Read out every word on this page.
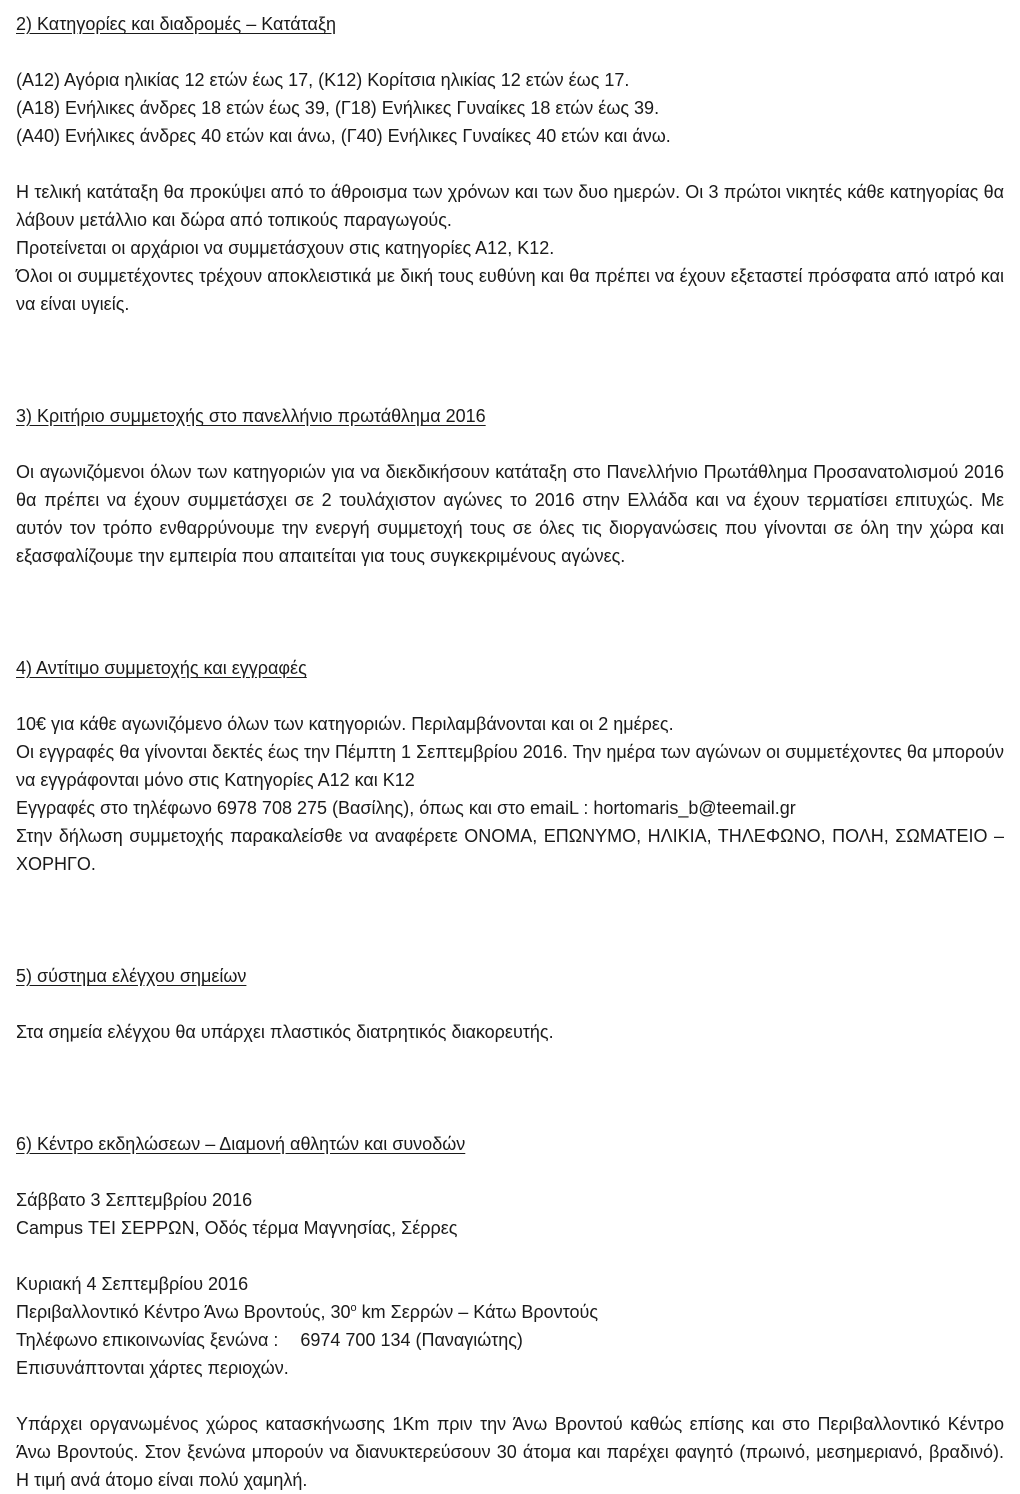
2) Κατηγορίες και διαδρομές – Κατάταξη

(Α12) Αγόρια ηλικίας 12 ετών έως 17, (Κ12) Κορίτσια ηλικίας 12 ετών έως 17.

(Α18) Ενήλικες άνδρες 18 ετών έως 39, (Γ18) Ενήλικες Γυναίκες 18 ετών έως 39.

(Α40) Ενήλικες άνδρες 40 ετών και άνω, (Γ40) Ενήλικες Γυναίκες 40 ετών και άνω.

Η τελική κατάταξη θα προκύψει από το άθροισμα των χρόνων και των δυο ημερών. Οι 3 πρώτοι νικητές κάθε κατηγορίας θα λάβουν μετάλλιο και δώρα από τοπικούς παραγωγούς.

Προτείνεται οι αρχάριοι να συμμετάσχουν στις κατηγορίες Α12, Κ12.

Όλοι οι συμμετέχοντες τρέχουν αποκλειστικά με δική τους ευθύνη και θα πρέπει να έχουν εξεταστεί πρόσφατα από ιατρό και να είναι υγιείς.

3) Κριτήριο συμμετοχής στο πανελλήνιο πρωτάθλημα 2016

Οι αγωνιζόμενοι όλων των κατηγοριών για να διεκδικήσουν κατάταξη στο Πανελλήνιο Πρωτάθλημα Προσανατολισμού 2016 θα πρέπει να έχουν συμμετάσχει σε 2 τουλάχιστον αγώνες το 2016 στην Ελλάδα και να έχουν τερματίσει επιτυχώς. Με αυτόν τον τρόπο ενθαρρύνουμε την ενεργή συμμετοχή τους σε όλες τις διοργανώσεις που γίνονται σε όλη την χώρα και εξασφαλίζουμε την εμπειρία που απαιτείται για τους συγκεκριμένους αγώνες.

4) Αντίτιμο συμμετοχής και εγγραφές

10€ για κάθε αγωνιζόμενο όλων των κατηγοριών. Περιλαμβάνονται και οι 2 ημέρες.

Οι εγγραφές θα γίνονται δεκτές έως την Πέμπτη 1 Σεπτεμβρίου 2016. Την ημέρα των αγώνων οι συμμετέχοντες θα μπορούν να εγγράφονται μόνο στις Κατηγορίες Α12 και Κ12

Εγγραφές στο τηλέφωνο 6978 708 275 (Βασίλης), όπως και στο emaiL : hortomaris_b@teemail.gr

Στην δήλωση συμμετοχής παρακαλείσθε να αναφέρετε ΟΝΟΜΑ, ΕΠΩΝΥΜΟ, ΗΛΙΚΙΑ, ΤΗΛΕΦΩΝΟ, ΠΟΛΗ, ΣΩΜΑΤΕΙΟ – ΧΟΡΗΓΟ.

5) σύστημα ελέγχου σημείων

Στα σημεία ελέγχου θα υπάρχει πλαστικός διατρητικός διακορευτής.

6) Κέντρο εκδηλώσεων – Διαμονή αθλητών και συνοδών

Σάββατο 3 Σεπτεμβρίου 2016

Campus ΤΕΙ ΣΕΡΡΩΝ, Οδός τέρμα Μαγνησίας, Σέρρες

Κυριακή 4 Σεπτεμβρίου 2016

Περιβαλλοντικό Κέντρο Άνω Βροντούς, 30$^o$ km Σερρών – Κάτω Βροντούς

Τηλέφωνο επικοινωνίας ξενώνα : 6974 700 134 (Παναγιώτης)

Επισυνάπτονται χάρτες περιοχών.

Υπάρχει οργανωμένος χώρος κατασκήνωσης 1Km πριν την Άνω Βροντού καθώς επίσης και στο Περιβαλλοντικό Κέντρο Άνω Βροντούς. Στον ξενώνα μπορούν να διανυκτερεύσουν 30 άτομα και παρέχει φαγητό (πρωινό, μεσημεριανό, βραδινό). Η τιμή ανά άτομο είναι πολύ χαμηλή.
